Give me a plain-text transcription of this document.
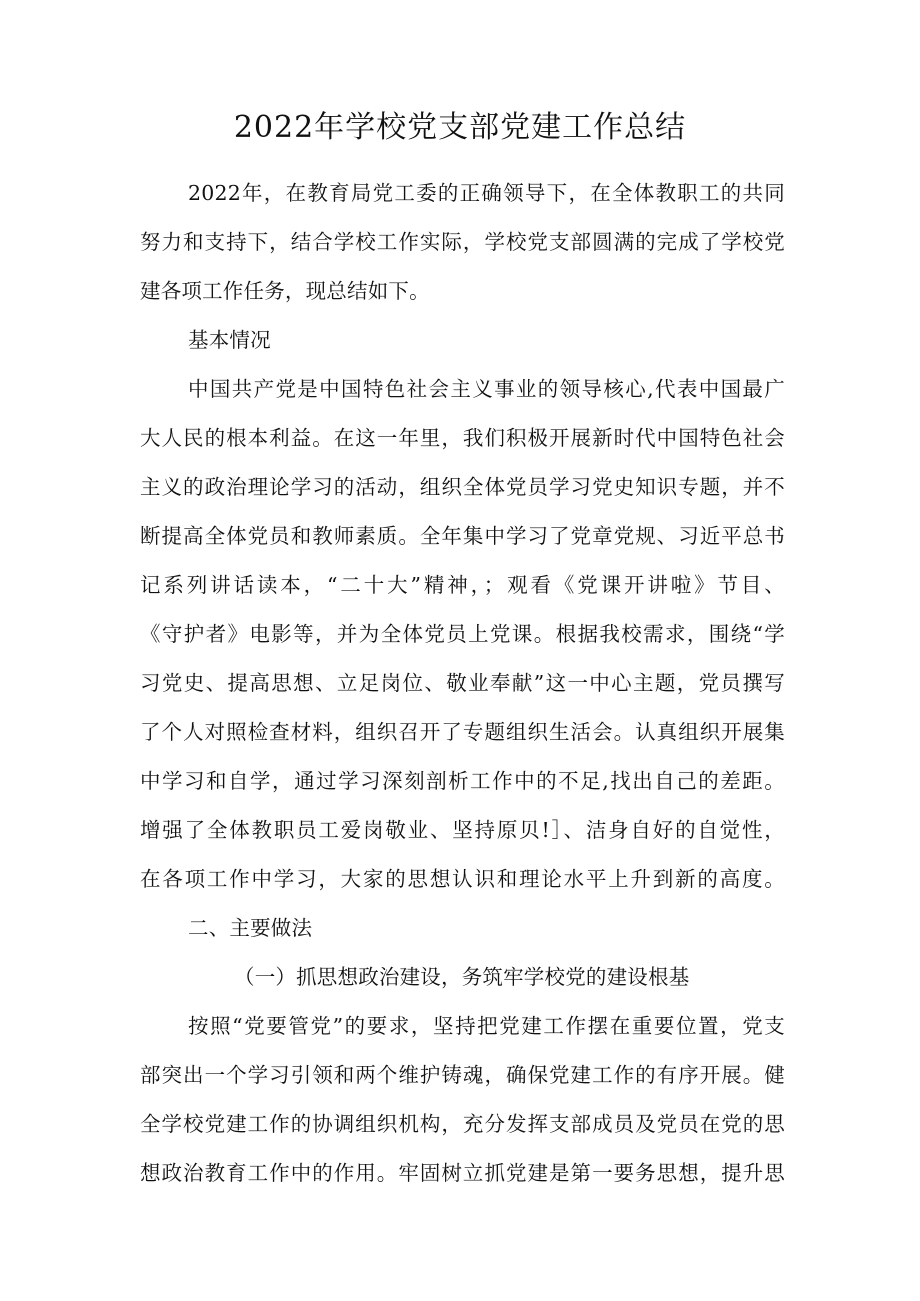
2022年学校党支部党建工作总结

2022年，在教育局党工委的正确领导下，在全体教职工的共同

努力和支持下，结合学校工作实际，学校党支部圆满的完成了学校党

建各项工作任务，现总结如下。

基本情况

中国共产党是中国特色社会主义事业的领导核心,代表中国最广

大人民的根本利益。在这一年里，我们积极开展新时代中国特色社会

主义的政治理论学习的活动，组织全体党员学习党史知识专题，并不

断提高全体党员和教师素质。全年集中学习了党章党规、习近平总书

记系列讲话读本，“二十大”精神，；观看《党课开讲啦》节目、

《守护者》电影等，并为全体党员上党课。根据我校需求，围绕“学

习党史、提高思想、立足岗位、敬业奉献”这一中心主题，党员撰写

了个人对照检查材料，组织召开了专题组织生活会。认真组织开展集

中学习和自学，通过学习深刻剖析工作中的不足,找出自己的差距。

增强了全体教职员工爱岗敬业、坚持原贝!］、洁身自好的自觉性，

在各项工作中学习，大家的思想认识和理论水平上升到新的高度。

二、主要做法

（一）抓思想政治建设，务筑牢学校党的建设根基

按照“党要管党”的要求，坚持把党建工作摆在重要位置，党支

部突出一个学习引领和两个维护铸魂，确保党建工作的有序开展。健

全学校党建工作的协调组织机构，充分发挥支部成员及党员在党的思

想政治教育工作中的作用。牢固树立抓党建是第一要务思想，提升思
